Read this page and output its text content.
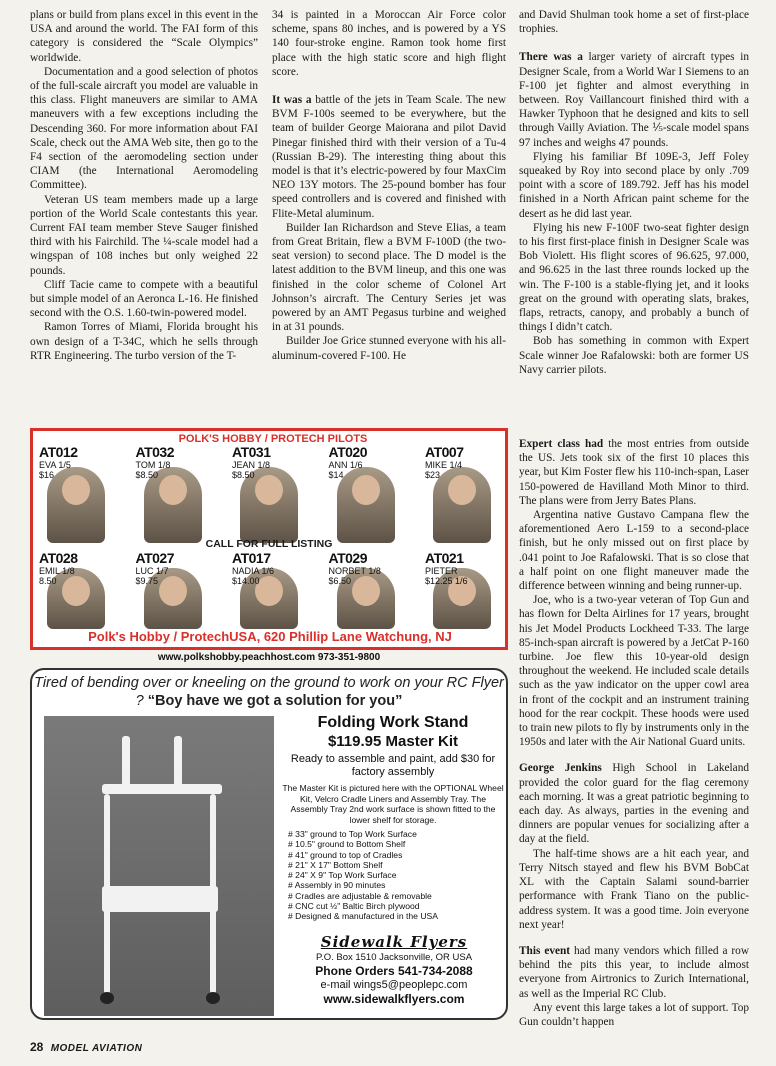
plans or build from plans excel in this event in the USA and around the world. The FAI form of this category is considered the “Scale Olympics” worldwide.

Documentation and a good selection of photos of the full-scale aircraft you model are valuable in this class. Flight maneuvers are similar to AMA maneuvers with a few exceptions including the Descending 360. For more information about FAI Scale, check out the AMA Web site, then go to the F4 section of the aeromodeling section under CIAM (the International Aeromodeling Committee).

Veteran US team members made up a large portion of the World Scale contestants this year. Current FAI team member Steve Sauger finished third with his Fairchild. The ¼-scale model had a wingspan of 108 inches but only weighed 22 pounds.

Cliff Tacie came to compete with a beautiful but simple model of an Aeronca L-16. He finished second with the O.S. 1.60-twin-powered model.

Ramon Torres of Miami, Florida brought his own design of a T-34C, which he sells through RTR Engineering. The turbo version of the T-

34 is painted in a Moroccan Air Force color scheme, spans 80 inches, and is powered by a YS 140 four-stroke engine. Ramon took home first place with the high static score and high flight score.

It was a battle of the jets in Team Scale. The new BVM F-100s seemed to be everywhere, but the team of builder George Maiorana and pilot David Pinegar finished third with their version of a Tu-4 (Russian B-29). The interesting thing about this model is that it’s electric-powered by four MaxCim NEO 13Y motors. The 25-pound bomber has four speed controllers and is covered and finished with Flite-Metal aluminum.

Builder Ian Richardson and Steve Elias, a team from Great Britain, flew a BVM F-100D (the two-seat version) to second place. The D model is the latest addition to the BVM lineup, and this one was finished in the color scheme of Colonel Art Johnson’s aircraft. The Century Series jet was powered by an AMT Pegasus turbine and weighed in at 31 pounds.

Builder Joe Grice stunned everyone with his all-aluminum-covered F-100. He

and David Shulman took home a set of first-place trophies.

There was a larger variety of aircraft types in Designer Scale, from a World War I Siemens to an F-100 jet fighter and almost everything in between. Roy Vaillancourt finished third with a Hawker Typhoon that he designed and kits to sell through Vailly Aviation. The ⅕-scale model spans 97 inches and weighs 47 pounds.

Flying his familiar Bf 109E-3, Jeff Foley squeaked by Roy into second place by only .709 point with a score of 189.792. Jeff has his model finished in a North African paint scheme for the desert as he did last year.

Flying his new F-100F two-seat fighter design to his first first-place finish in Designer Scale was Bob Violett. His flight scores of 96.625, 97.000, and 96.625 in the last three rounds locked up the win. The F-100 is a stable-flying jet, and it looks great on the ground with operating slats, brakes, flaps, retracts, canopy, and probably a bunch of things I didn’t catch.

Bob has something in common with Expert Scale winner Joe Rafalowski: both are former US Navy carrier pilots.

Expert class had the most entries from outside the US. Jets took six of the first 10 places this year, but Kim Foster flew his 110-inch-span, Laser 150-powered de Havilland Moth Minor to third. The plans were from Jerry Bates Plans.

Argentina native Gustavo Campana flew the aforementioned Aero L-159 to a second-place finish, but he only missed out on first place by .041 point to Joe Rafalowski. That is so close that a half point on one flight maneuver made the difference between winning and being runner-up.

Joe, who is a two-year veteran of Top Gun and has flown for Delta Airlines for 17 years, brought his Jet Model Products Lockheed T-33. The large 85-inch-span aircraft is powered by a JetCat P-160 turbine. Joe flew this 10-year-old design throughout the weekend. He included scale details such as the yaw indicator on the upper cowl area in front of the cockpit and an instrument training hood for the rear cockpit. These hoods were used to train new pilots to fly by instruments only in the 1950s and later with the Air National Guard units.

George Jenkins High School in Lakeland provided the color guard for the flag ceremony each morning. It was a great patriotic beginning to each day. As always, parties in the evening and dinners are popular venues for socializing after a day at the field.

The half-time shows are a hit each year, and Terry Nitsch stayed and flew his BVM BobCat XL with the Captain Salami sound-barrier performance with Frank Tiano on the public-address system. It was a good time. Join everyone next year!

This event had many vendors which filled a row behind the pits this year, to include almost everyone from Airtronics to Zurich International, as well as the Imperial RC Club.

Any event this large takes a lot of support. Top Gun couldn’t happen

POLK'S HOBBY / PROTECH PILOTS
AT012
EVA 1/5
$16
AT032
TOM 1/8
$8.50
AT031
JEAN 1/8
$8.50
AT020
ANN 1/6
$14
AT007
MIKE 1/4
$23
CALL FOR FULL LISTING
AT028
EMIL 1/8
8.50
AT027
LUC 1/7
$9.75
AT017
NADIA 1/6
$14.00
AT029
NORBET 1/8
$6.50
AT021
PIETER
$12.25 1/6
Polk's Hobby / ProtechUSA, 620 Phillip Lane Watchung, NJ
www.polkshobby.peachhost.com 973-351-9800
Tired of bending over or kneeling on the ground to work on your RC Flyer ? “Boy have we got a solution for you”
Folding Work Stand
$119.95 Master Kit
Ready to assemble and paint, add $30 for factory assembly
The Master Kit is pictured here with the OPTIONAL Wheel Kit, Velcro Cradle Liners and Assembly Tray. The Assembly Tray 2nd work surface is shown fitted to the lower shelf for storage.
# 33" ground to Top Work Surface
# 10.5" ground to Bottom Shelf
# 41" ground to top of Cradles
# 21" X 17" Bottom Shelf
# 24" X 9" Top Work Surface
# Assembly in 90 minutes
# Cradles are adjustable & removable
# CNC cut ½" Baltic Birch plywood
# Designed & manufactured in the USA
Sidewalk Flyers
P.O. Box 1510 Jacksonville, OR USA
Phone Orders 541-734-2088
e-mail wings5@peoplepc.com
www.sidewalkflyers.com
28 MODEL AVIATION
